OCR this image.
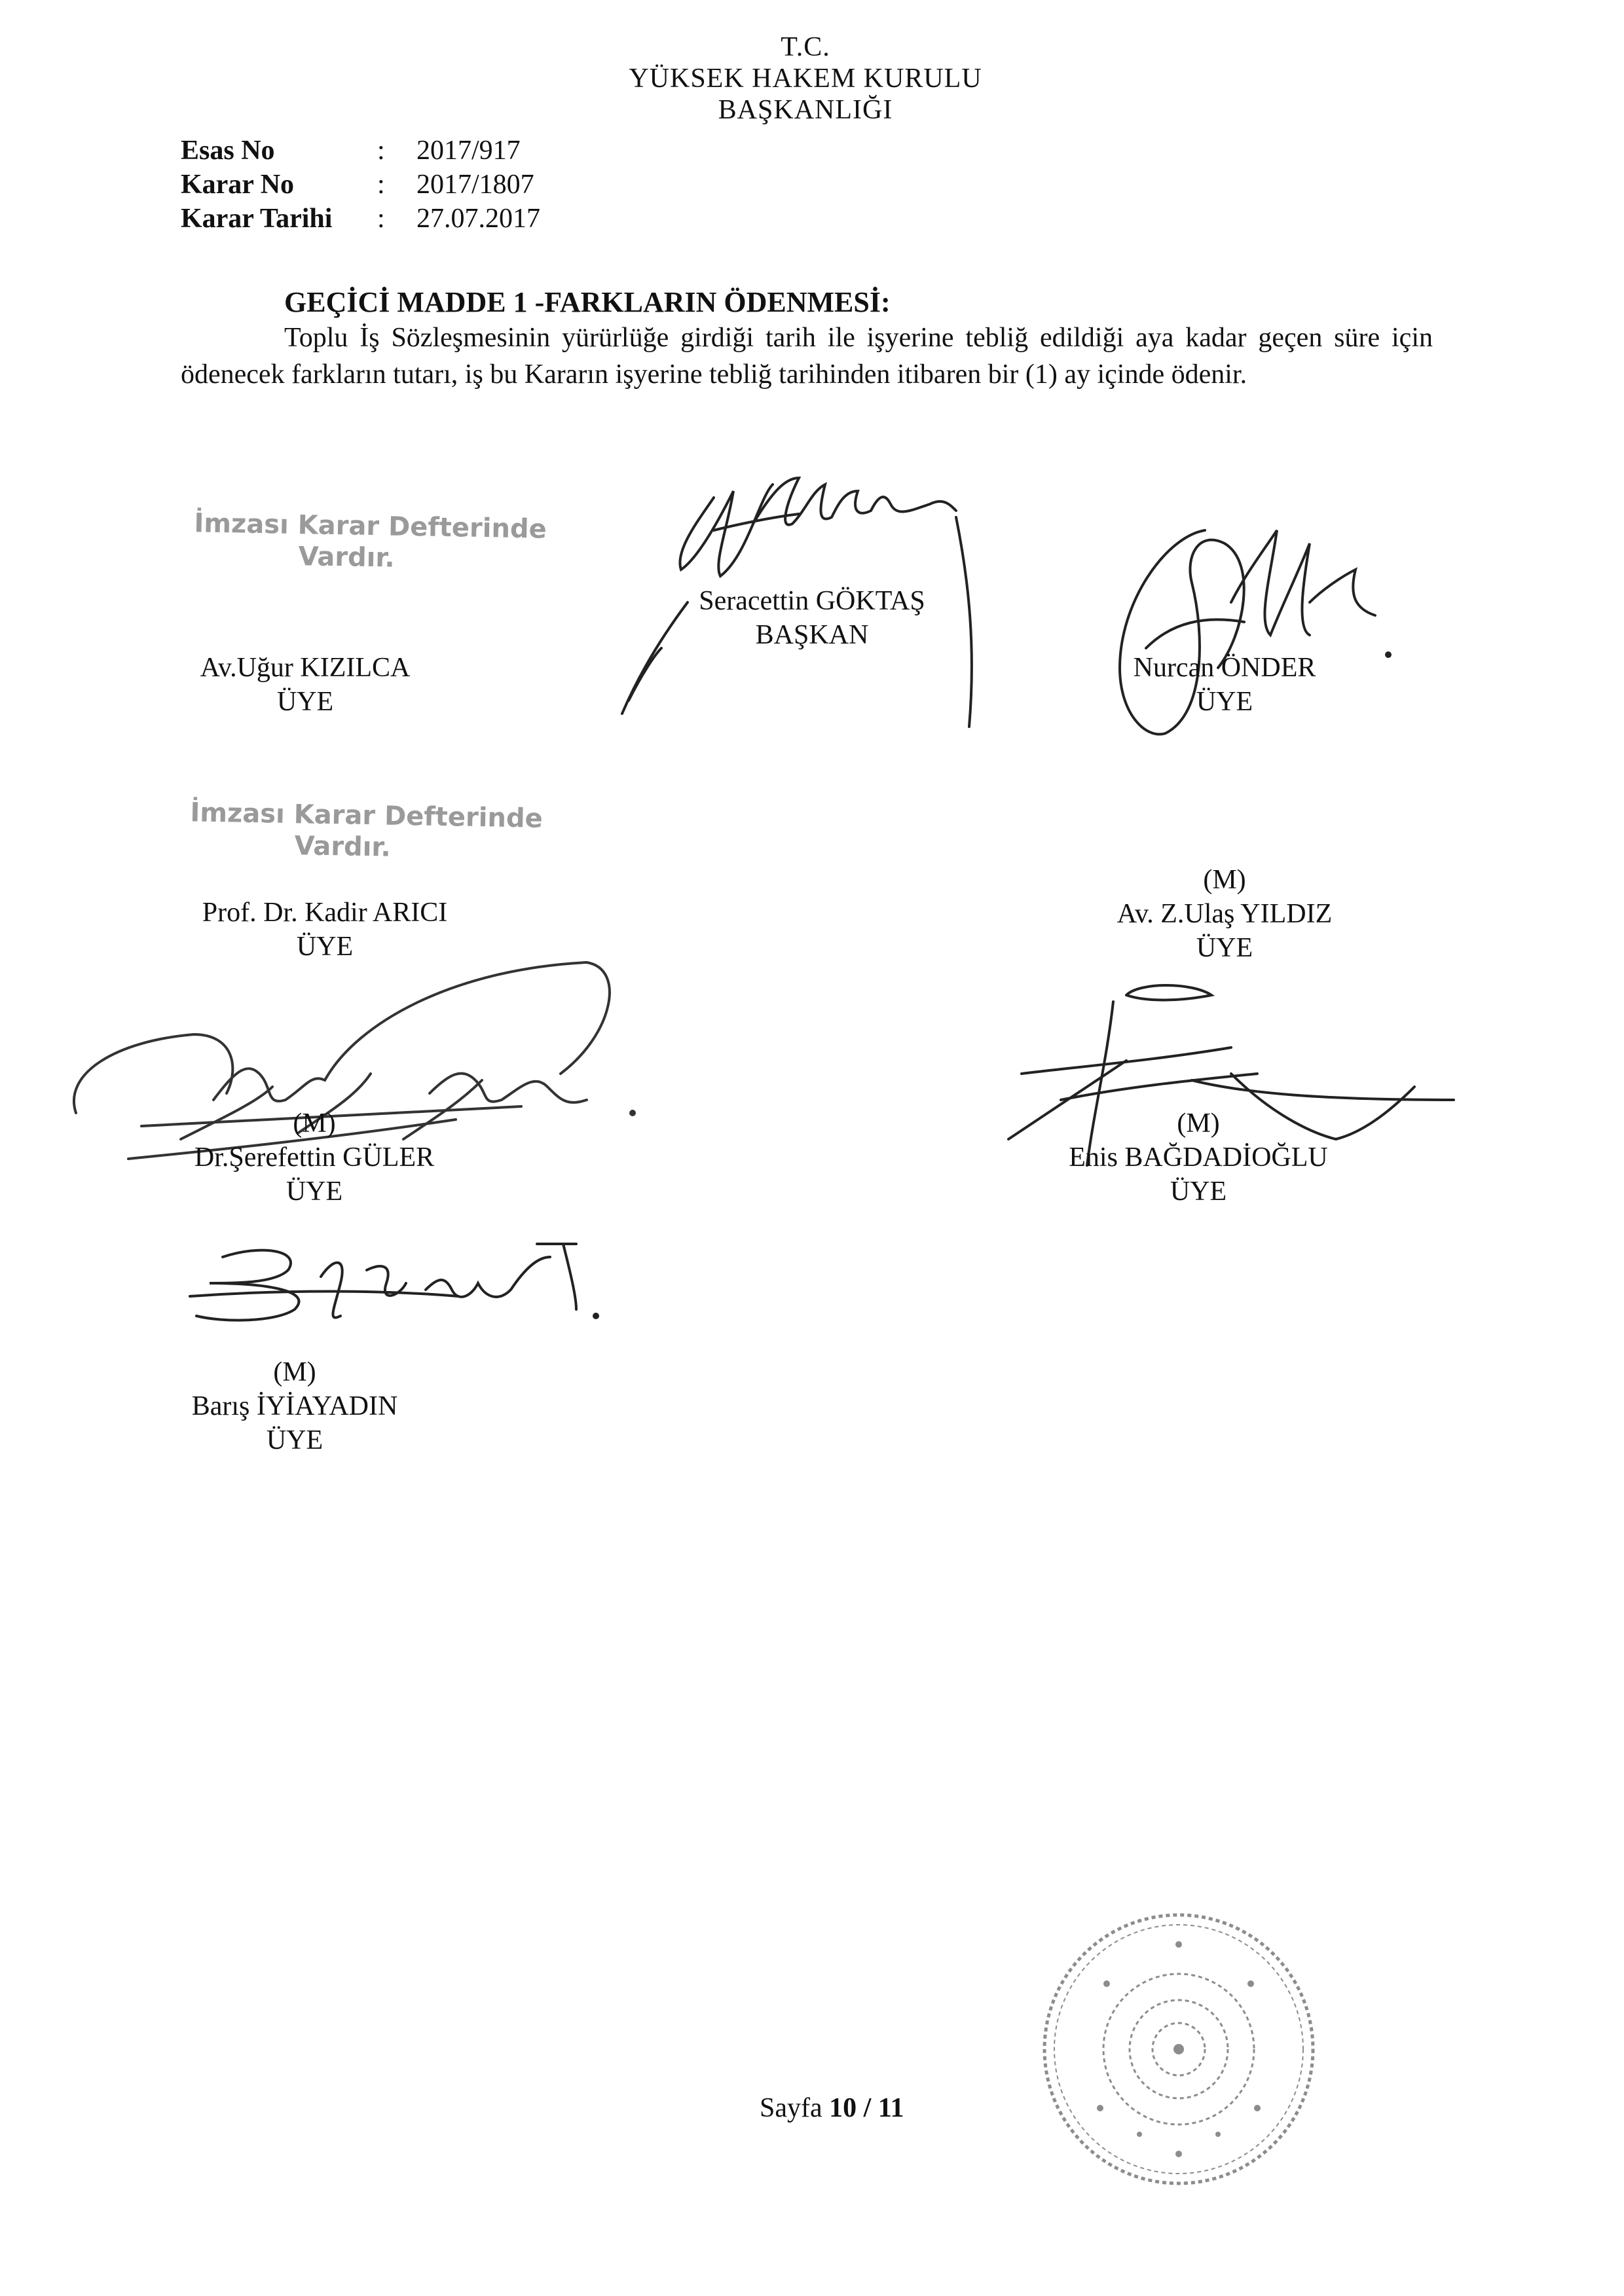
T.C.
YÜKSEK HAKEM KURULU
BAŞKANLIĞI
Esas No	: 2017/917
Karar No	: 2017/1807
Karar Tarihi : 27.07.2017
GEÇİCİ MADDE 1 -FARKLARIN ÖDENMESİ:

Toplu İş Sözleşmesinin yürürlüğe girdiği tarih ile işyerine tebliğ edildiği aya kadar geçen süre için ödenecek farkların tutarı, iş bu Kararın işyerine tebliğ tarihinden itibaren bir (1) ay içinde ödenir.

İmzası Karar Defterinde
Vardır.
İmzası Karar Defterinde
Vardır.
Av.Uğur KIZILCA
ÜYE
Seracettin GÖKTAŞ
BAŞKAN
Nurcan ÖNDER
ÜYE
Prof. Dr. Kadir ARICI
ÜYE
(M)
Av. Z.Ulaş YILDIZ
ÜYE
(M)
Dr.Şerefettin GÜLER
ÜYE
(M)
Enis BAĞDADİOĞLU
ÜYE
(M)
Barış İYİAYADIN
ÜYE
Sayfa 10 / 11
